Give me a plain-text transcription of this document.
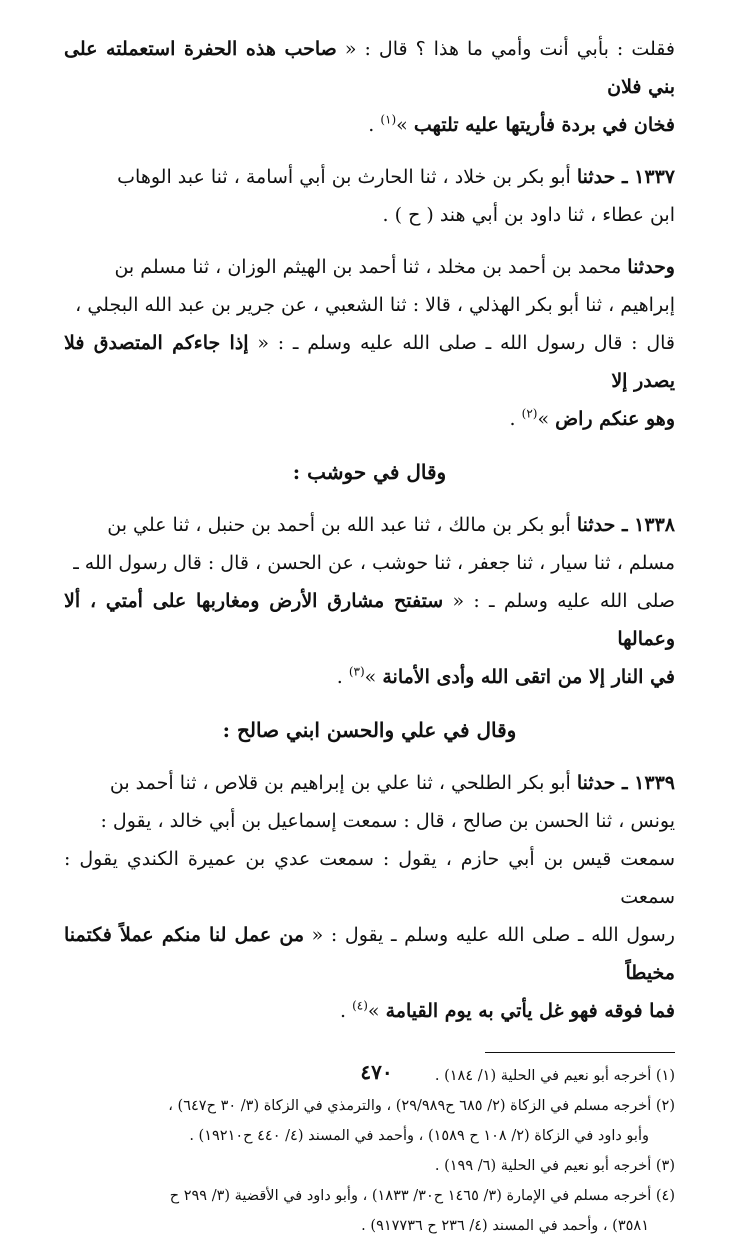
فقلت : بأبي أنت وأمي ما هذا ؟ قال : « صاحب هذه الحفرة استعملته على بني فلان

فخان في بردة فأريتها عليه تلتهب »$^{(١)}$ .

١٣٣٧ ـ حدثنا أبو بكر بن خلاد ، ثنا الحارث بن أبي أسامة ، ثنا عبد الوهاب

ابن عطاء ، ثنا داود بن أبي هند ( ح ) .

وحدثنا محمد بن أحمد بن مخلد ، ثنا أحمد بن الهيثم الوزان ، ثنا مسلم بن

إبراهيم ، ثنا أبو بكر الهذلي ، قالا : ثنا الشعبي ، عن جرير بن عبد الله البجلي ،

قال : قال رسول الله ـ صلى الله عليه وسلم ـ : « إذا جاءكم المتصدق فلا يصدر إلا

وهو عنكم راض »$^{(٢)}$ .

وقال في حوشب :

١٣٣٨ ـ حدثنا أبو بكر بن مالك ، ثنا عبد الله بن أحمد بن حنبل ، ثنا علي بن

مسلم ، ثنا سيار ، ثنا جعفر ، ثنا حوشب ، عن الحسن ، قال : قال رسول الله ـ

صلى الله عليه وسلم ـ : « ستفتح مشارق الأرض ومغاربها على أمتي ، ألا وعمالها

في النار إلا من اتقى الله وأدى الأمانة »$^{(٣)}$ .

وقال في علي والحسن ابني صالح :

١٣٣٩ ـ حدثنا أبو بكر الطلحي ، ثنا علي بن إبراهيم بن قلاص ، ثنا أحمد بن

يونس ، ثنا الحسن بن صالح ، قال : سمعت إسماعيل بن أبي خالد ، يقول :

سمعت قيس بن أبي حازم ، يقول : سمعت عدي بن عميرة الكندي يقول : سمعت

رسول الله ـ صلى الله عليه وسلم ـ يقول : « من عمل لنا منكم عملاً فكتمنا مخيطاً

فما فوقه فهو غل يأتي به يوم القيامة »$^{(٤)}$ .

(١) أخرجه أبو نعيم في الحلية (١/ ١٨٤) .

(٢) أخرجه مسلم في الزكاة (٢/ ٦٨٥ ح٢٩/٩٨٩) ، والترمذي في الزكاة (٣/ ٣٠ ح٦٤٧) ،

وأبو داود في الزكاة (٢/ ١٠٨ ح ١٥٨٩) ، وأحمد في المسند (٤/ ٤٤٠ ح١٩٢١٠) .

(٣) أخرجه أبو نعيم في الحلية (٦/ ١٩٩) .

(٤) أخرجه مسلم في الإمارة (٣/ ١٤٦٥ ح٣٠/ ١٨٣٣) ، وأبو داود في الأقضية (٣/ ٢٩٩ ح

٣٥٨١) ، وأحمد في المسند (٤/ ٢٣٦ ح ٩١٧٧٣٦) .

٤٧٠
